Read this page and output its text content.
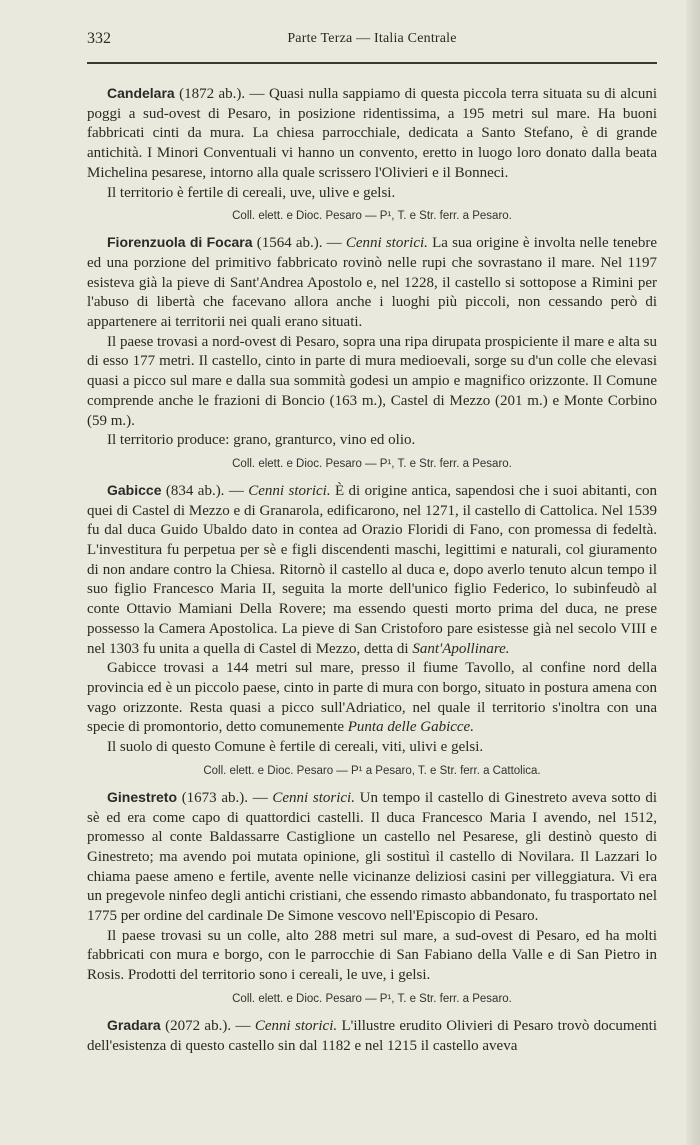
332	Parte Terza — Italia Centrale

Candelara (1872 ab.). — Quasi nulla sappiamo di questa piccola terra situata su di alcuni poggi a sud-ovest di Pesaro, in posizione ridentissima, a 195 metri sul mare. Ha buoni fabbricati cinti da mura. La chiesa parrocchiale, dedicata a Santo Stefano, è di grande antichità. I Minori Conventuali vi hanno un convento, eretto in luogo loro donato dalla beata Michelina pesarese, intorno alla quale scrissero l'Olivieri e il Bonneci.

Il territorio è fertile di cereali, uve, ulive e gelsi.

Coll. elett. e Dioc. Pesaro — P¹, T. e Str. ferr. a Pesaro.

Fiorenzuola di Focara (1564 ab.). — Cenni storici. La sua origine è involta nelle tenebre ed una porzione del primitivo fabbricato rovinò nelle rupi che sovrastano il mare. Nel 1197 esisteva già la pieve di Sant'Andrea Apostolo e, nel 1228, il castello si sottopose a Rimini per l'abuso di libertà che facevano allora anche i luoghi più piccoli, non cessando però di appartenere ai territorii nei quali erano situati.

Il paese trovasi a nord-ovest di Pesaro, sopra una ripa dirupata prospiciente il mare e alta su di esso 177 metri. Il castello, cinto in parte di mura medioevali, sorge su d'un colle che elevasi quasi a picco sul mare e dalla sua sommità godesi un ampio e magnifico orizzonte. Il Comune comprende anche le frazioni di Boncio (163 m.), Castel di Mezzo (201 m.) e Monte Corbino (59 m.).

Il territorio produce: grano, granturco, vino ed olio.

Coll. elett. e Dioc. Pesaro — P¹, T. e Str. ferr. a Pesaro.

Gabicce (834 ab.). — Cenni storici. È di origine antica, sapendosi che i suoi abitanti, con quei di Castel di Mezzo e di Granarola, edificarono, nel 1271, il castello di Cattolica. Nel 1539 fu dal duca Guido Ubaldo dato in contea ad Orazio Floridi di Fano, con promessa di fedeltà. L'investitura fu perpetua per sè e figli discendenti maschi, legittimi e naturali, col giuramento di non andare contro la Chiesa. Ritornò il castello al duca e, dopo averlo tenuto alcun tempo il suo figlio Francesco Maria II, seguita la morte dell'unico figlio Federico, lo subinfeudò al conte Ottavio Mamiani Della Rovere; ma essendo questi morto prima del duca, ne prese possesso la Camera Apostolica. La pieve di San Cristoforo pare esistesse già nel secolo VIII e nel 1303 fu unita a quella di Castel di Mezzo, detta di Sant'Apollinare.

Gabicce trovasi a 144 metri sul mare, presso il fiume Tavollo, al confine nord della provincia ed è un piccolo paese, cinto in parte di mura con borgo, situato in postura amena con vago orizzonte. Resta quasi a picco sull'Adriatico, nel quale il territorio s'inoltra con una specie di promontorio, detto comunemente Punta delle Gabicce.

Il suolo di questo Comune è fertile di cereali, viti, ulivi e gelsi.

Coll. elett. e Dioc. Pesaro — P¹ a Pesaro, T. e Str. ferr. a Cattolica.

Ginestreto (1673 ab.). — Cenni storici. Un tempo il castello di Ginestreto aveva sotto di sè ed era come capo di quattordici castelli. Il duca Francesco Maria I avendo, nel 1512, promesso al conte Baldassarre Castiglione un castello nel Pesarese, gli destinò questo di Ginestreto; ma avendo poi mutata opinione, gli sostituì il castello di Novilara. Il Lazzari lo chiama paese ameno e fertile, avente nelle vicinanze deliziosi casini per villeggiatura. Vi era un pregevole ninfeo degli antichi cristiani, che essendo rimasto abbandonato, fu trasportato nel 1775 per ordine del cardinale De Simone vescovo nell'Episcopio di Pesaro.

Il paese trovasi su un colle, alto 288 metri sul mare, a sud-ovest di Pesaro, ed ha molti fabbricati con mura e borgo, con le parrocchie di San Fabiano della Valle e di San Pietro in Rosis. Prodotti del territorio sono i cereali, le uve, i gelsi.

Coll. elett. e Dioc. Pesaro — P¹, T. e Str. ferr. a Pesaro.

Gradara (2072 ab.). — Cenni storici. L'illustre erudito Olivieri di Pesaro trovò documenti dell'esistenza di questo castello sin dal 1182 e nel 1215 il castello aveva
